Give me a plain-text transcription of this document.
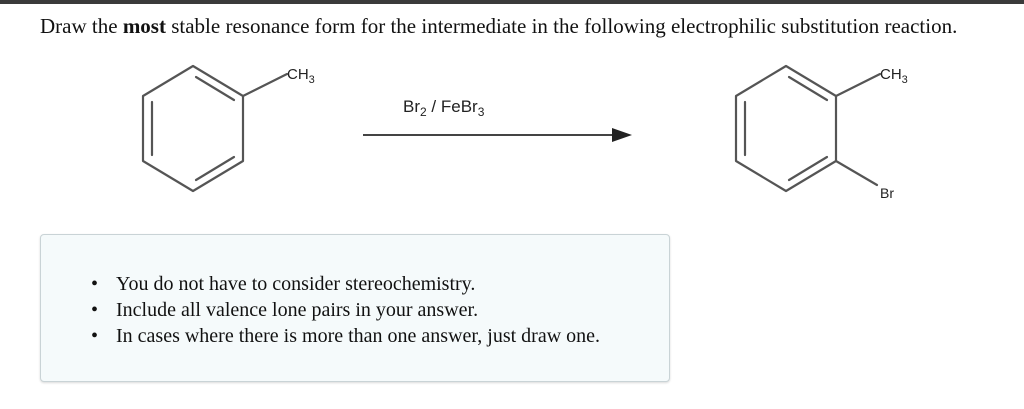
Draw the most stable resonance form for the intermediate in the following electrophilic substitution reaction.
$CH_3$
$Br_2$ / FeBr$_3$
$CH_3$
Br
• You do not have to consider stereochemistry.
• Include all valence lone pairs in your answer.
• In cases where there is more than one answer, just draw one.
